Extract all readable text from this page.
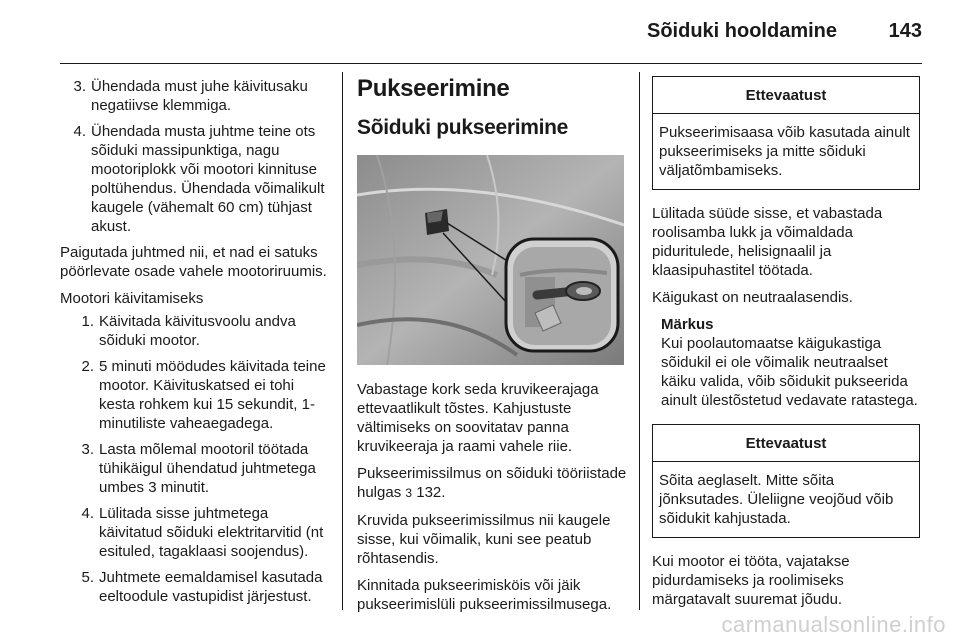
Sõiduki hooldamine	143
3. Ühendada must juhe käivitusaku negatiivse klemmiga.
4. Ühendada musta juhtme teine ots sõiduki massipunktiga, nagu mootoriplokk või mootori kinnituse poltühendus. Ühendada võimalikult kaugele (vähemalt 60 cm) tühjast akust.

Paigutada juhtmed nii, et nad ei satuks pöörlevate osade vahele mootoriruumis.

Mootori käivitamiseks

1. Käivitada käivitusvoolu andva sõiduki mootor.
2. 5 minuti möödudes käivitada teine mootor. Käivituskatsed ei tohi kesta rohkem kui 15 sekundit, 1-minutiliste vaheaegadega.
3. Lasta mõlemal mootoril töötada tühikäigul ühendatud juhtmetega umbes 3 minutit.
4. Lülitada sisse juhtmetega käivitatud sõiduki elektritarvitid (nt esituled, tagaklaasi soojendus).
5. Juhtmete eemaldamisel kasutada eeltoodule vastupidist järjestust.
Pukseerimine
Sõiduki pukseerimine

Vabastage kork seda kruvikeerajaga ettevaatlikult tõstes. Kahjustuste vältimiseks on soovitatav panna kruvikeeraja ja raami vahele riie.

Pukseerimissilmus on sõiduki tööriistade hulgas 3 132.

Kruvida pukseerimissilmus nii kaugele sisse, kui võimalik, kuni see peatub rõhtasendis.

Kinnitada pukseerimisköis või jäik pukseerimislüli pukseerimissilmusega.

Ettevaatust
Pukseerimisaasa võib kasutada ainult pukseerimiseks ja mitte sõiduki väljatõmbamiseks.

Lülitada süüde sisse, et vabastada roolisamba lukk ja võimaldada piduritulede, helisignaalil ja klaasipuhastitel töötada.

Käigukast on neutraalasendis.

Märkus
Kui poolautomaatse käigukastiga sõidukil ei ole võimalik neutraalset käiku valida, võib sõidukit pukseerida ainult ülestõstetud vedavate ratastega.
Ettevaatust
Sõita aeglaselt. Mitte sõita jõnksutades. Üleliigne veojõud võib sõidukit kahjustada.

Kui mootor ei tööta, vajatakse pidurdamiseks ja roolimiseks märgatavalt suuremat jõudu.

carmanualsonline.info
